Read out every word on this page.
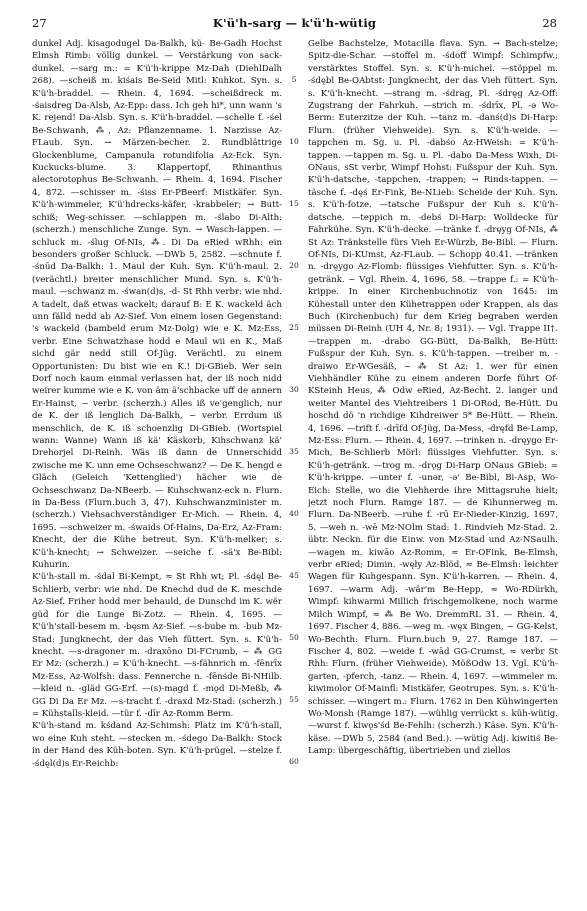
27	K'ü'h-sarg — k'ü'h-wütig	28

dunkel Adj. kisagodugel Da-Balkh, kü- Be-Gadh Hochst Elmsh Rimb: völlig dunkel. — Verstärkung von sack-dunkel. —sarg m.: = K'ü'h-krippe Mz-Dah (DiehlDalh 268). —scheiß m. kiśais Be-Seid Mitl: Kuhkot. Syn. s. K'ü'h-braddel. — Rhein. 4, 1694. —scheißdreck m. -śaisdreg Da-Alsb, Az-Epp: dass. Ich geh hi*, unn wann 's K. rejend! Da-Alsb. Syn. s. K'ü'h-braddel. —schelle f. -śel Be-Schwanh, ⁂, Az: Pflanzenname. 1. Narzisse Az-FLaub. Syn. → Märzen-becher. 2. Rundblättrige Glockenblume, Campanula rotundifolia Az-Eck. Syn. Kuckucks-blume. 3. Klappertopf, Rhinanthus alectorotophus Be-Schwanh. — Rhein. 4, 1694. Fischer 4, 872. —schisser m. -śiss Er-PBeerf: Mistkäfer. Syn. K'ü'h-wimmeler, K'ü'hdrecks-käfer, -krabbeler; → Butt-schiß; Weg-schisser. —schlappen m. -ślabo Di-Alth: (scherzh.) menschliche Zunge. Syn. → Wasch-lappen. —schluck m. -ślug Of-NIs, ⁂. Di Da eRied wRhh: ein besonders großer Schluck. —DWb 5, 2582. —schnute f. -śnūd Da-Balkh: 1. Maul der Kuh. Syn. K'ü'h-maul. 2. (verächtl.) breiter menschlicher Mund. Syn. s. K'ü'h-maul. —schwanz m. -śwan(d)s, -d- St Rhh verbr: wie nhd. A tadelt, daß etwas wackelt; darauf B: E K. wackeld äch unn fälld nedd ab Az-Sief. Von einem losen Gegenstand: 's wackeld (bambeld erum Mz-Dolg) wie e K. Mz-Ess, verbr. Eine Schwatzhase hodd e Maul wii en K., Maß sichd gär nedd still Of-Jüg. Verächtl. zu einem Opportunisten: Du bist wie en K.! Di-GBieb. Wer sein Dorf noch kaum einmal verlassen hat, der iß noch nidd weirer kumme wie e K. von äm ä'schbacke uff de annern Er-Hainst, ~ verbr. (scherzh.) Alles iß ve'genglich, nur de K. der iß lenglich Da-Balkh, ~ verbr. Errdum iß menschlich, de K. iß schoenzlig Di-GBieb. (Wortspiel wann: Wanne) Wann iß kä' Käskorb, Kihschwanz kä' Drehorjel Di-Reinh. Wäs iß dann de Unnerschidd zwische me K. unn eme Ochseschwanz? — De K. hengd e Gläch (Geleich 'Kettenglied') hächer wie de Ochseschwanz Da-NBeerb. — Kuhschwanz-eck n. Flurn. in Da-Bess (Flurn.buch 3, 47). Kuhschwanzminister m. (scherzh.) Viehsachverständiger Er-Mich. — Rhein. 4, 1695. —schweizer m. -śwaids Of-Hains, Da-Erz, Az-Fram: Knecht, der die Kühe betreut. Syn. K'ü'h-melker; s. K'ü'h-knecht; → Schweizer. —seiche f. -sä'x Be-Bibl: Kuhurin.

K'ü'h-stall m. -śdal Bi-Kempt, ≈ St Rhh wt; Pl. -śdęl Be-Schlierb, verbr: wie nhd. De Knechd dud de K. meschde Az-Sief. Friher hodd mer behauld, de Dunschd im K. wër güd for die Lunge Bi-Zotz. — Rhein. 4, 1695. — K'ü'h'stall-besem m. -bęsm Az-Sief. —s-bube m. -bub Mz-Stad: Jungknecht, der das Vieh füttert. Syn. s. K'ü'h-knecht. —s-dragoner m. -draxōno Di-FCrumb, ~ ⁂ GG Er Mz: (scherzh.) = K'ü'h-knecht. —s-fähnrich m. -fēnrīx Mz-Ess, Az-Wolfsh: dass. Fennerche n. -fēnśde Bi-NHilb. —kleid n. -gläd GG-Erf. —(s)-magd f. -mǫd Di-Meßb, ⁂ GG Di Da Er Mz. —s-tracht f. -draxd Mz-Stad: (scherzh.) = Kühstalls-kleid. —tür f. -dīr Az-Romm Berm.

K'ü'h-stand m. kśdand Az-Schimsh: Platz im K'ü'h-stall, wo eine Kuh steht. —stecken m. -śdego Da-Balkh: Stock in der Hand des Küh-boten. Syn. K'ü'h-prügel. —stelze f. -śdęl(d)s Er-Reichb:

5
10
15
20
25
30
35
40
45
50
55
60

Gelbe Bachstelze, Motacilla flava. Syn. → Bach-stelze; Spitz-die-Schar. —stoffel m. -śdoff Wimpf: Schimpfw.; verstärktes Stoffel. Syn. s. K'ü'h-michel. —stöppel m. -śdębl Be-OAbtst: Jungknecht, der das Vieh füttert. Syn. s. K'ü'h-knecht. —strang m. -śdrag, Pl. -śdręg Az-Off: Zugstrang der Fahrkuh. —strich m. -śdrīx, Pl. -ə Wo-Berm: Euterzitze der Kuh. —tanz m. -danś(d)s Di-Harp: Flurn. (früher Viehweide). Syn. s. K'ü'h-weide. —tappchen m. Sg. u. Pl. -dabśo Az-HWeish: = K'ü'h-tappen. —tappen m. Sg. u. Pl. -dabo Da-Mess Wixh, Di-ONaus, sSt verbr, Wimpf Hohst: Fußspur der Kuh. Syn. K'ü'h-datsche, -tappchen, -trappen; → Rinds-tappen. —täsche f. -dęś Er-Fink, Be-NLieb: Scheide der Kuh. Syn. s. K'ü'h-fotze. —tatsche Fußspur der Kuh s. K'ü'h-datsche. —teppich m. -debś Di-Harp: Wolldecke für Fahrkühe. Syn. K'ü'h-decke. —tränke f. -dręyg Of-NIs, ⁂ St Az: Tränkstelle fürs Vieh Er-Würzb, Be-Bibl. — Flurn. Of-NIs, Di-KUmst, Az-FLaub. — Schopp 40.41. —tränken n. -dręygo Az-Flomb: flüssiges Viehfutter. Syn. s. K'ü'h-getränk. ~ Vgl. Rhein. 4, 1696, 58. —trappe f.: = K'ü'h-krippe. In einer Kirchenbuchnotiz von 1645: im Kühestall unter den Kühetrappen oder Krappen, als das Buch (Kirchenbuch) fur dem Krieg begraben werden müssen Di-Reinh (UH 4, Nr. 8; 1931). — Vgl. Trappe II†. —trappen m. -drabo GG-Bütt, Da-Balkh, Be-Hütt: Fußspur der Kuh. Syn. s. K'ü'h-tappen. —treiber m. -draiwo Er-WGesäß, ~ ⁂ St Az: 1. wer für einen Viehhändler Kühe zu einem anderen Dorfe führt Of-KSteinh Heus, ⁂ Odw eRied, Az-Becht. 2. langer und weiter Mantel des Viehtreibers 1 Di-ORod, Be-Hütt. Du hoschd dö 'n richdige Kihdreiwer 5* Be-Hütt. — Rhein. 4, 1696. —trift f. -drīfd Of-Jüg, Da-Mess, -dręfd Be-Lamp, Mz-Ess: Flurn. — Rhein. 4, 1697. —trinken n. -dręygo Er-Mich, Be-Schlierb Mörl: flüssiges Viehfutter. Syn. s. K'ü'h-getränk. —trog m. -drǫg Di-Harp ONaus GBieb: = K'ü'h-krippe. —unter f. -unər, -ə' Be-Bibl, Bi-Asp, Wo-Eich: Stelle, wo die Viehherde ihre Mittagsruhe hielt; jetzt noch Flurn. Ramge 187. — de Kihunnerweg m. Flurn. Da-NBeerb. —ruhe f. -rū Er-Nieder-Kinzig, 1697, 5. —weh n. -wē Mz-NOlm Stad: 1. Rindvieh Mz-Stad. 2. übtr. Neckn. für die Einw. von Mz-Stad und Az-NSaulh. —wagen m. kiwāo Az-Romm, ≈ Er-OFink, Be-Elmsh, verbr eRied; Dimin. -węły Az-Blöd, ≈ Be-Elmsh: leichter Wagen für Kuhgespann. Syn. K'ü'h-karren. — Rhein. 4, 1697. —warm Adj. -wär'm Be-Hepp, ≈ Wo-RDürkh, Wimpf: kihwarmi Millich frischgemolkene, noch warme Milch Wimpf, ≈ ⁂ Be Wo. DremmRL 31. — Rhein. 4, 1697. Fischer 4, 886. —weg m. -węx Bingen, ~ GG-Kelst, Wo-Bechth: Flurn. Flurn.buch 9, 27. Ramge 187. — Fischer 4, 802. —weide f. -wād GG-Crumst, ≈ verbr St Rhh: Flurn. (früher Viehweide). MößOdw 13. Vgl. K'ü'h-garten, -pferch, -tanz. — Rhein. 4, 1697. —wimmeler m. kiwimolor Of-Mainfl: Mistkäfer, Geotrupes. Syn. s. K'ü'h-schisser. —wingert m.: Flurn. 1762 in Den Kühwingerten Wo-Monsh (Ramge 187). —wühlig verrückt s. küh-wütig. —wurst f. kiwǫs'śd Be-Fehlh: (scherzh.) Käse. Syn. K'ü'h-käse. —DWb 5, 2584 (and Bed.). —wütig Adj. kiwitiś Be-Lamp: übergeschäftig, übertrieben und ziellos
